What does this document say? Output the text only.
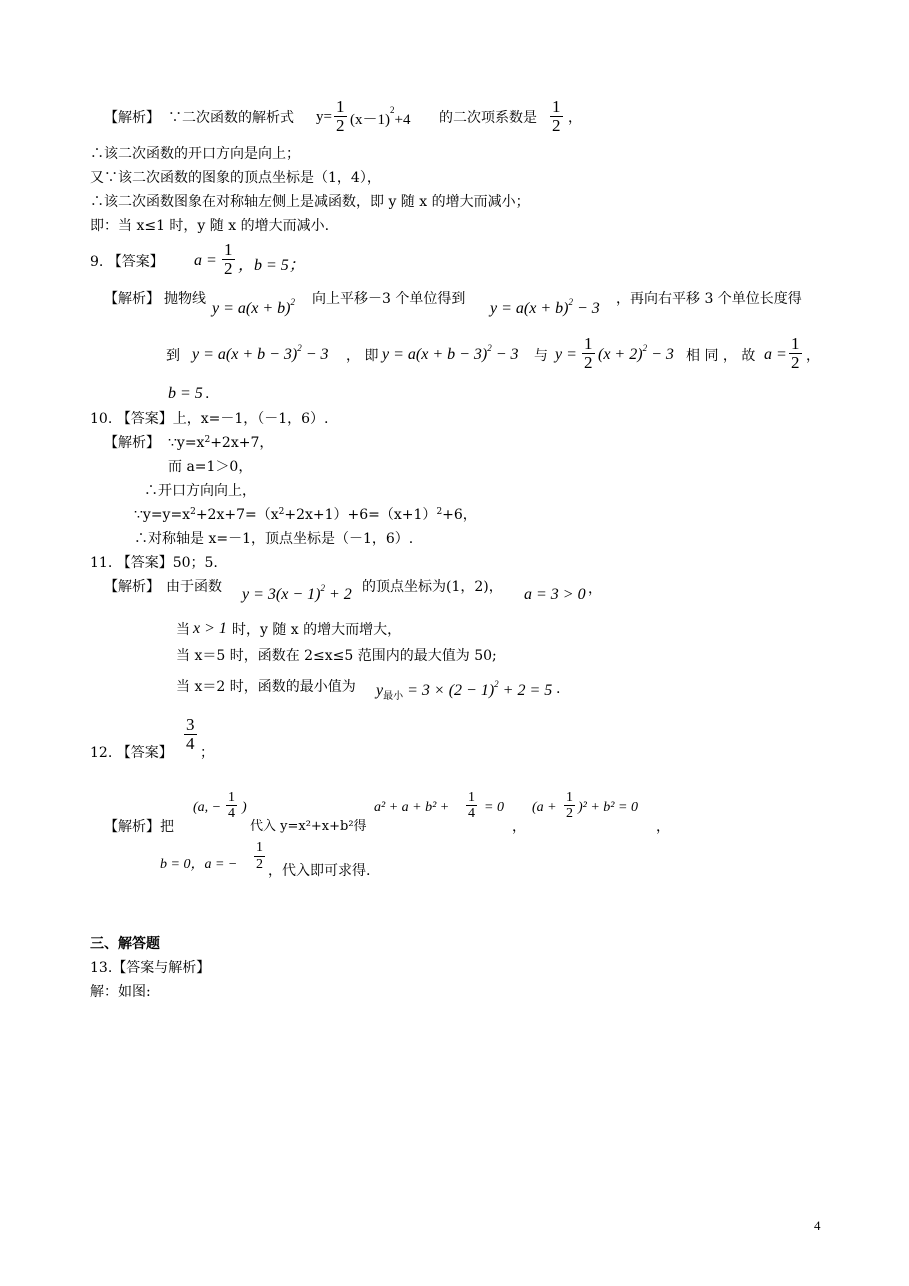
【解析】 ∵二次函数的解析式 y=
1
2 $(x-1)^2+4$ 的二次项系数是
1
2 ，
∴该二次函数的开口方向是向上；
又∵该二次函数的图象的顶点坐标是（1，4），
∴该二次函数图象在对称轴左侧上是减函数，即 y 随 x 的增大而减小；
即：当 x≤1 时，y 随 x 的增大而减小.
9. 【答案】 a =
1
2 ，b = 5；
【解析】 抛物线
$y = a(x + b)^2$ 向上平移－3 个单位得到
$y = a(x + b)^2 - 3$
，再向右平移 3 个单位长度得
到 $y = a(x + b - 3)^2 - 3$ ， 即 $y = a(x + b - 3)^2 - 3$ 与 y =
1
2 $(x + 2)^2 - 3$ 相 同 ， 故 a =
1
2 ，
b = 5 .
10. 【答案】上，x=－1，（－1，6）.
【解析】 $\because y=x^2+2x+7$，
而 a=1＞0，
∴开口方向向上，
$\because y=y=x^2+2x+7=(x^2+2x+1)+6=(x+1)^2+6$，
∴对称轴是 x=－1，顶点坐标是（－1，6）.
11. 【答案】50；5.
【解析】 由于函数 $y = 3(x - 1)^2 + 2$ 的顶点坐标为(1，2)， a = 3 > 0 ，
当 x > 1 时，y 随 x 的增大而增大，
当 x＝5 时，函数在 2≤x≤5 范围内的最大值为 50;
当 x＝2 时，函数的最小值为 $y_{最小} = 3 \times (2 - 1)^2 + 2 = 5$ .
12. 【答案】
3
4 ；
【解析】把
(a, −
1
4 )
代入 y=x²+x+b²得
a² + a + b² +
1
4 = 0
，
(a +
1
2 )² + b² = 0
，
b = 0，a = −
1
2 ，代入即可求得.
三、解答题
13.【答案与解析】
解：如图:
4
